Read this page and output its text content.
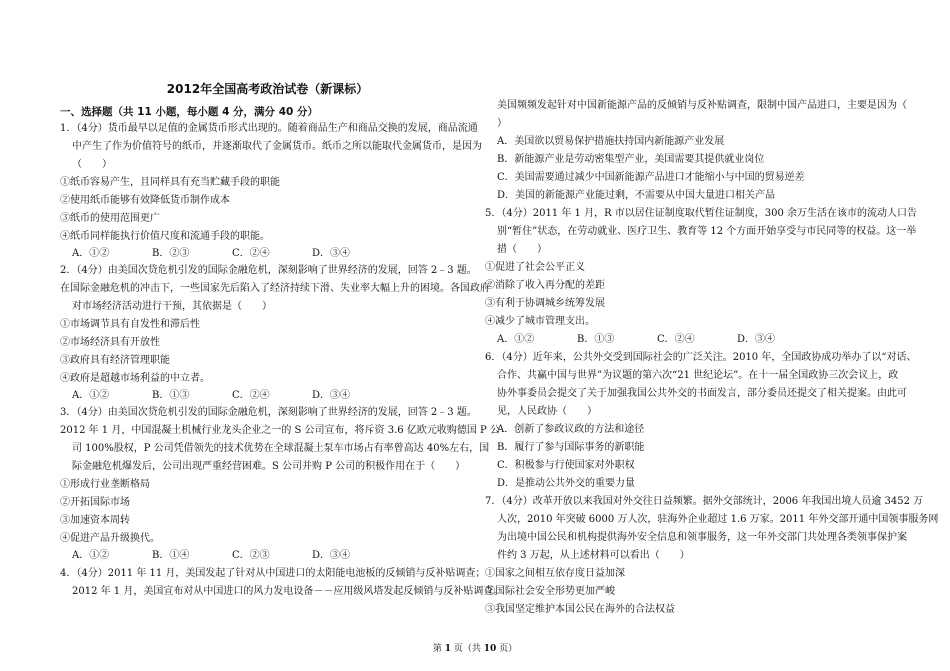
2012年全国高考政治试卷（新课标）
一、选择题（共 11 小题，每小题 4 分，满分 40 分）
1．（4分）货币最早以足值的金属货币形式出现的。随着商品生产和商品交换的发展，商品流通
中产生了作为价值符号的纸币，并逐渐取代了金属货币。纸币之所以能取代金属货币，是因为
（　　）
①纸币容易产生，且同样具有充当贮藏手段的职能
②使用纸币能够有效降低货币制作成本
③纸币的使用范围更广
④纸币同样能执行价值尺度和流通手段的职能。
A．①②	B．②③	C．②④	D．③④
2．（4分）由美国次贷危机引发的国际金融危机，深刻影响了世界经济的发展，回答 2﹣3 题。
在国际金融危机的冲击下，一些国家先后陷入了经济持续下滑、失业率大幅上升的困境。各国政府
对市场经济活动进行干预，其依据是（　　）
①市场调节具有自发性和滞后性
②市场经济具有开放性
③政府具有经济管理职能
④政府是超越市场利益的中立者。
A．①②	B．①③	C．②④	D．③④
3．（4分）由美国次贷危机引发的国际金融危机，深刻影响了世界经济的发展，回答 2﹣3 题。
2012 年 1 月，中国混凝土机械行业龙头企业之一的 S 公司宣布，将斥资 3.6 亿欧元收购德国 P 公
司 100%股权，P 公司凭借领先的技术优势在全球混凝土泵车市场占有率曾高达 40%左右，国
际金融危机爆发后，公司出现严重经营困难。S 公司并购 P 公司的积极作用在于（　　）
①形成行业垄断格局
②开拓国际市场
③加速资本周转
④促进产品升级换代。
A．①②	B．①④	C．②③	D．③④
4．（4分）2011 年 11 月，美国发起了针对从中国进口的太阳能电池板的反倾销与反补贴调查；
2012 年 1 月，美国宣布对从中国进口的风力发电设备－－应用级风塔发起反倾销与反补贴调查。
美国频频发起针对中国新能源产品的反倾销与反补贴调查，限制中国产品进口，主要是因为（
）
A．美国欲以贸易保护措施扶持国内新能源产业发展
B．新能源产业是劳动密集型产业，美国需要其提供就业岗位
C．美国需要通过减少中国新能源产品进口才能缩小与中国的贸易逆差
D．美国的新能源产业能过剩，不需要从中国大量进口相关产品
5．（4分）2011 年 1 月，R 市以居住证制度取代暂住证制度，300 余万生活在该市的流动人口告
别“暂住”状态，在劳动就业、医疗卫生、教育等 12 个方面开始享受与市民同等的权益。这一举
措（　　）
①促进了社会公平正义
②消除了收入再分配的差距
③有利于协调城乡统筹发展
④减少了城市管理支出。
A．①②	B．①③	C．②④	D．③④
6．（4分）近年来，公共外交受到国际社会的广泛关注。2010 年，全国政协成功举办了以“对话、
合作、共赢中国与世界”为议题的第六次“21 世纪论坛”。在十一届全国政协三次会议上，政
协外事委员会提交了关于加强我国公共外交的书面发言，部分委员还提交了相关提案。由此可
见，人民政协（　　）
A．创新了参政议政的方法和途径
B．履行了参与国际事务的新职能
C．积极参与行使国家对外职权
D．是推动公共外交的重要力量
7．（4分）改革开放以来我国对外交往日益频繁。据外交部统计，2006 年我国出境人员逾 3452 万
人次，2010 年突破 6000 万人次，驻海外企业超过 1.6 万家。2011 年外交部开通中国领事服务网
为出境中国公民和机构提供海外安全信息和领事服务，这一年外交部门共处理各类领事保护案
件约 3 万起，从上述材料可以看出（　　）
①国家之间相互依存度日益加深
②国际社会安全形势更加严峻
③我国坚定维护本国公民在海外的合法权益
第 1 页（共 10 页）
